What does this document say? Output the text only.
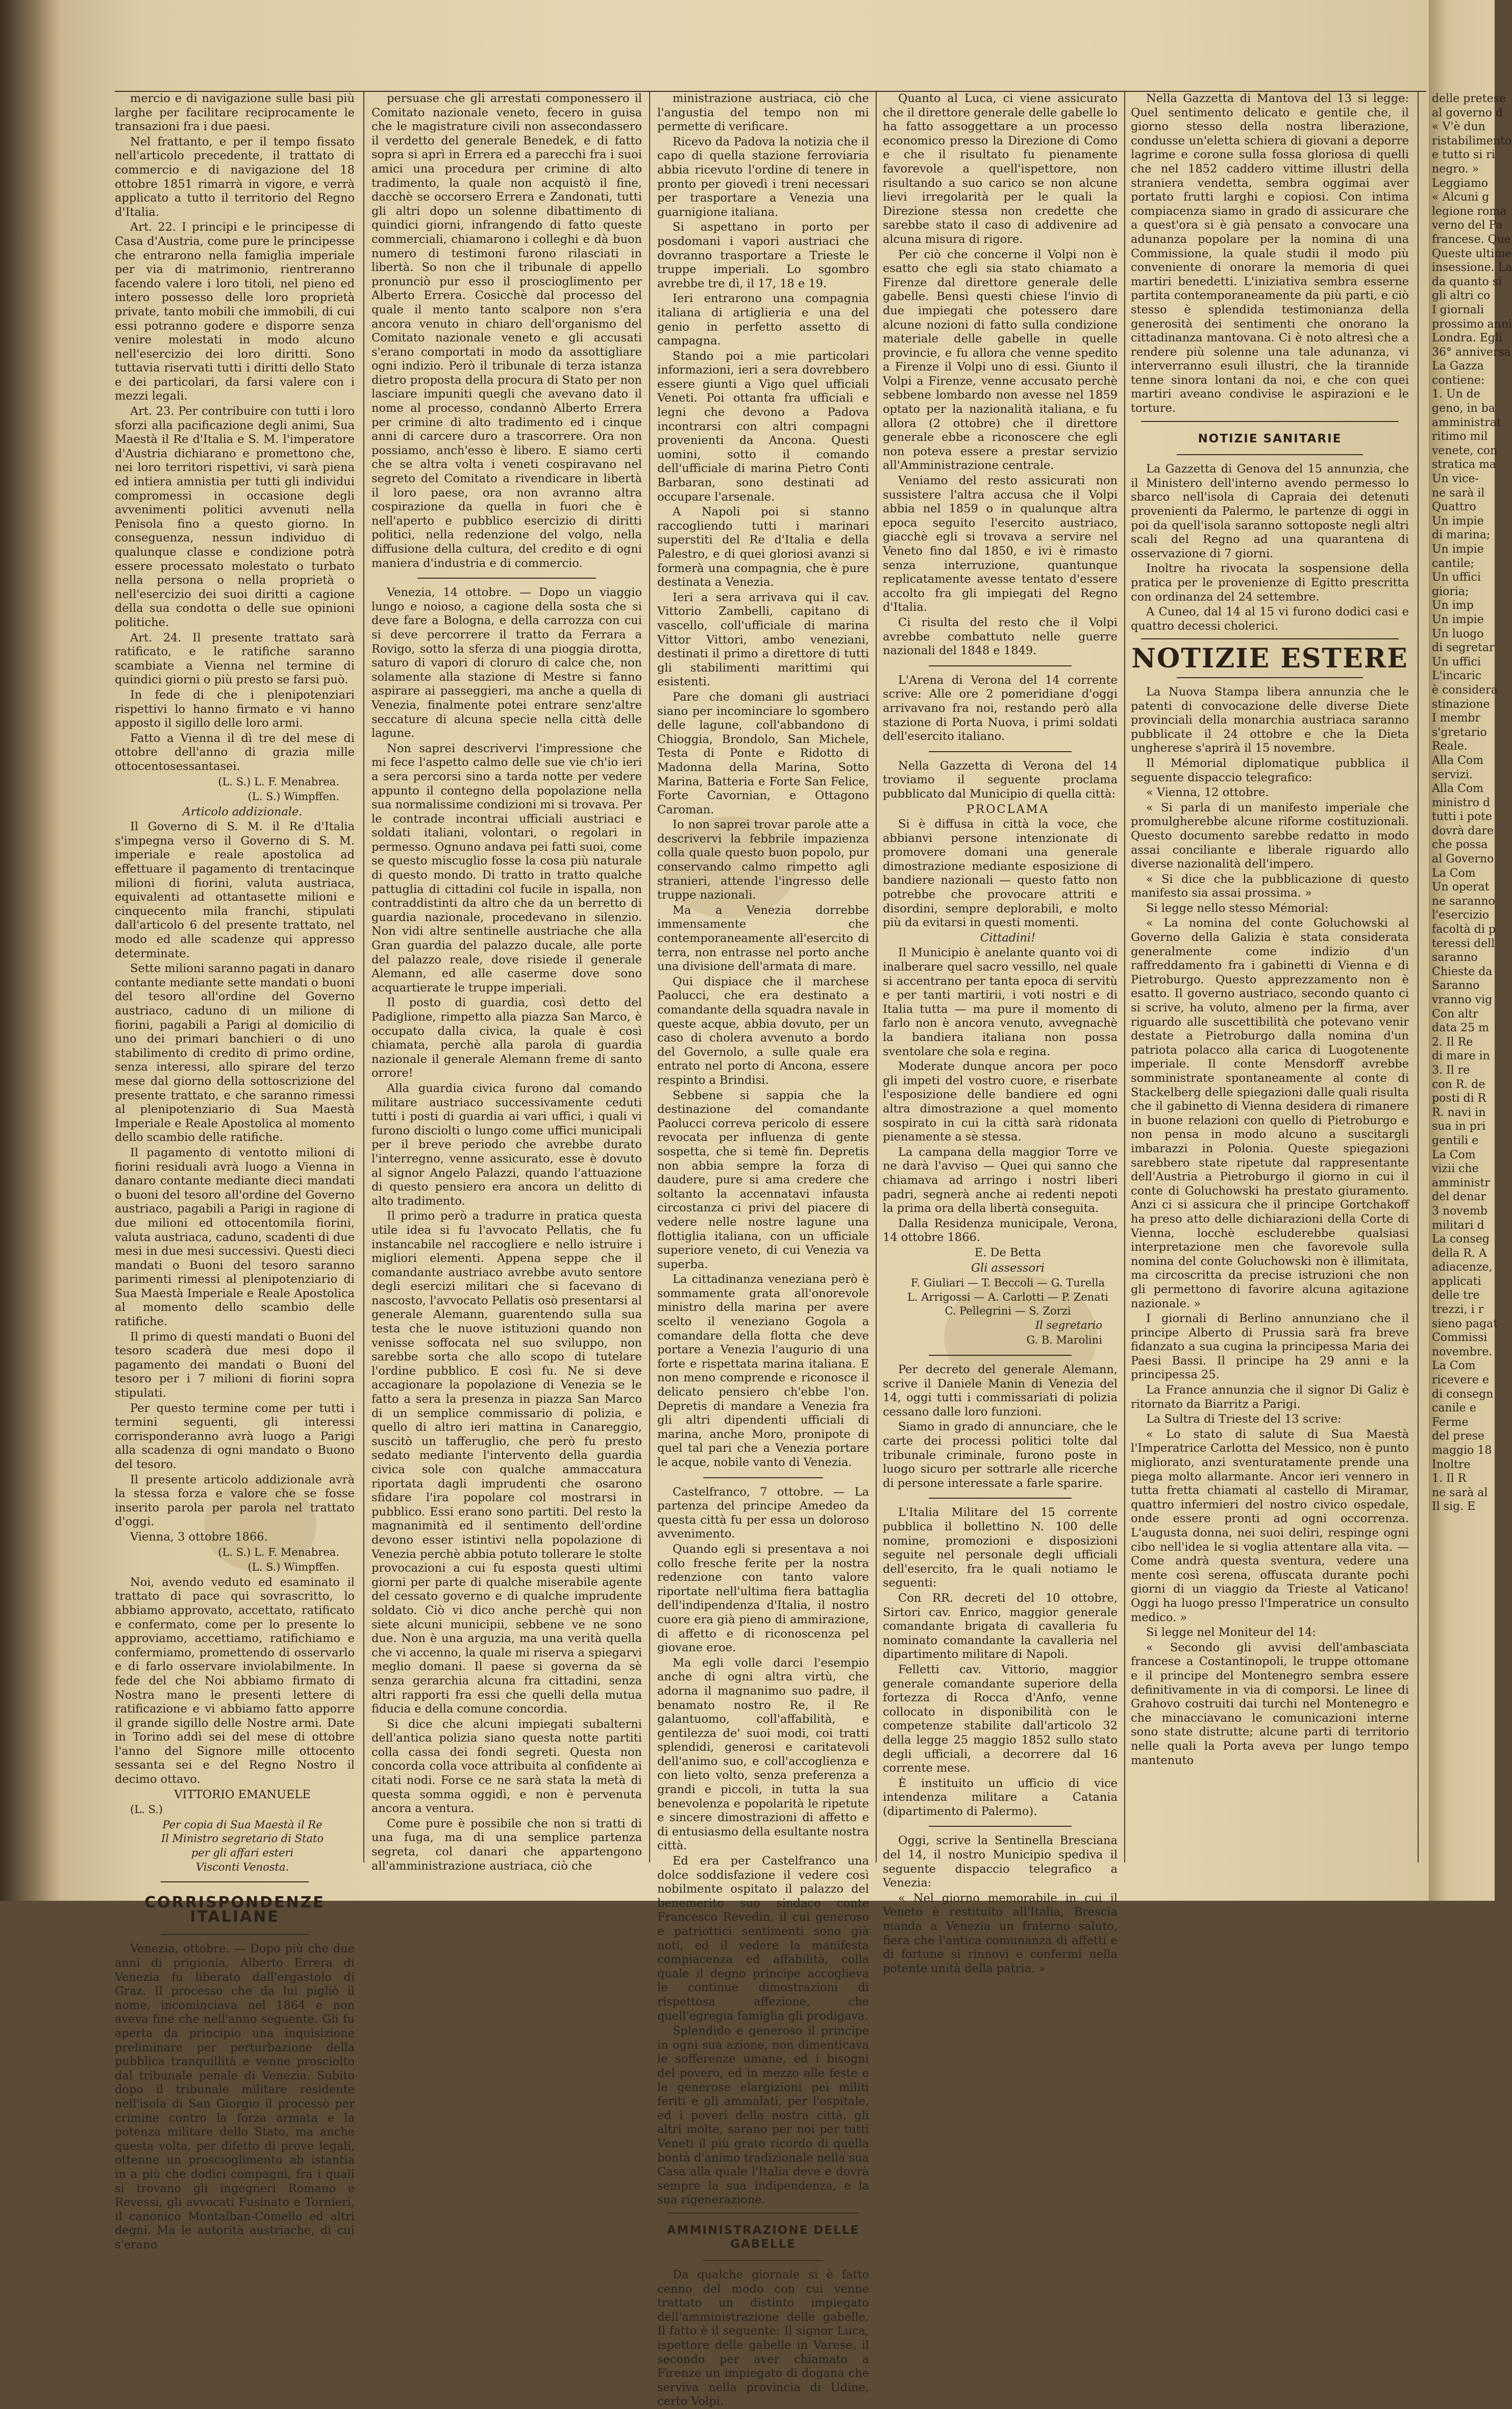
delle pretese
al governo d
« V'è dun
ristabilimento
e tutto si ri
negro. »
Leggiamo
« Alcuni g
legione roma
verno del Pa
francese. Que
Queste ultime
insessione. La
da quanto si
gli altri co
I giornali
prossimo anni
Londra. Egli
36° anniversa
La Gazza
contiene:
1. Un de
geno, in ba
amministrat
ritimo mil
venete, con
stratica ma
Un vice-
ne sarà il
Quattro
Un impie
di marina;
Un impie
cantile;
Un uffici
gioria;
Un imp
Un impie
Un luogo
di segretar
Un uffici
L'incaric
è considera
stinazione
I membr
s'gretario
Reale.
Alla Com
servizi.
Alla Com
ministro d
tutti i pote
dovrà dare
che possa
al Governo
La Com
Un operat
ne saranno
l'esercizio
facoltà di p
teressi dell
saranno
Chieste da
Saranno
vranno vig
Con altr
data 25 m
2. Il Re
di mare in
3. Il re
con R. de
posti di R
R. navi in
sua in pri
gentili e
La Com
vizii che
amministr
del denar
3 novemb
militari d
La conseg
della R. A
adiacenze,
applicati
delle tre
trezzi, i r
sieno pagat
Commissi
novembre.
La Com
ricevere e
di consegn
canile e
Ferme
del prese
maggio 18
Inoltre
1. Il R
ne sarà al
Il sig. E

mercio e di navigazione sulle basi più larghe per facilitare reciprocamente le transazioni fra i due paesi.

Nel frattanto, e per il tempo fissato nell'articolo precedente, il trattato di commercio e di navigazione del 18 ottobre 1851 rimarrà in vigore, e verrà applicato a tutto il territorio del Regno d'Italia.

Art. 22. I principi e le principesse di Casa d'Austria, come pure le principesse che entrarono nella famiglia imperiale per via di matrimonio, rientreranno facendo valere i loro titoli, nel pieno ed intero possesso delle loro proprietà private, tanto mobili che immobili, di cui essi potranno godere e disporre senza venire molestati in modo alcuno nell'esercizio dei loro diritti. Sono tuttavia riservati tutti i diritti dello Stato e dei particolari, da farsi valere con i mezzi legali.

Art. 23. Per contribuire con tutti i loro sforzi alla pacificazione degli animi, Sua Maestà il Re d'Italia e S. M. l'imperatore d'Austria dichiarano e promettono che, nei loro territori rispettivi, vi sarà piena ed intiera amnistia per tutti gli individui compromessi in occasione degli avvenimenti politici avvenuti nella Penisola fino a questo giorno. In conseguenza, nessun individuo di qualunque classe e condizione potrà essere processato molestato o turbato nella persona o nella proprietà o nell'esercizio dei suoi diritti a cagione della sua condotta o delle sue opinioni politiche.

Art. 24. Il presente trattato sarà ratificato, e le ratifiche saranno scambiate a Vienna nel termine di quindici giorni o più presto se farsi può.

In fede di che i plenipotenziari rispettivi lo hanno firmato e vi hanno apposto il sigillo delle loro armi.

Fatto a Vienna il dì tre del mese di ottobre dell'anno di grazia mille ottocentosessantasei.

(L. S.) L. F. Menabrea.

(L. S.) Wimpffen.

Articolo addizionale.

Il Governo di S. M. il Re d'Italia s'impegna verso il Governo di S. M. imperiale e reale apostolica ad effettuare il pagamento di trentacinque milioni di fiorini, valuta austriaca, equivalenti ad ottantasette milioni e cinquecento mila franchi, stipulati dall'articolo 6 del presente trattato, nel modo ed alle scadenze qui appresso determinate.

Sette milioni saranno pagati in danaro contante mediante sette mandati o buoni del tesoro all'ordine del Governo austriaco, caduno di un milione di fiorini, pagabili a Parigi al domicilio di uno dei primari banchieri o di uno stabilimento di credito di primo ordine, senza interessi, allo spirare del terzo mese dal giorno della sottoscrizione del presente trattato, e che saranno rimessi al plenipotenziario di Sua Maestà Imperiale e Reale Apostolica al momento dello scambio delle ratifiche.

Il pagamento di ventotto milioni di fiorini residuali avrà luogo a Vienna in danaro contante mediante dieci mandati o buoni del tesoro all'ordine del Governo austriaco, pagabili a Parigi in ragione di due milioni ed ottocentomila fiorini, valuta austriaca, caduno, scadenti di due mesi in due mesi successivi. Questi dieci mandati o Buoni del tesoro saranno parimenti rimessi al plenipotenziario di Sua Maestà Imperiale e Reale Apostolica al momento dello scambio delle ratifiche.

Il primo di questi mandati o Buoni del tesoro scaderà due mesi dopo il pagamento dei mandati o Buoni del tesoro per i 7 milioni di fiorini sopra stipulati.

Per questo termine come per tutti i termini seguenti, gli interessi corrisponderanno avrà luogo a Parigi alla scadenza di ogni mandato o Buono del tesoro.

Il presente articolo addizionale avrà la stessa forza e valore che se fosse inserito parola per parola nel trattato d'oggi.

Vienna, 3 ottobre 1866.

(L. S.) L. F. Menabrea.

(L. S.) Wimpffen.

Noi, avendo veduto ed esaminato il trattato di pace qui sovrascritto, lo abbiamo approvato, accettato, ratificato e confermato, come per lo presente lo approviamo, accettiamo, ratifichiamo e confermiamo, promettendo di osservarlo e di farlo osservare inviolabilmente. In fede del che Noi abbiamo firmato di Nostra mano le presenti lettere di ratificazione e vi abbiamo fatto apporre il grande sigillo delle Nostre armi. Date in Torino addì sei del mese di ottobre l'anno del Signore mille ottocento sessanta sei e del Regno Nostro il decimo ottavo.

VITTORIO EMANUELE

(L. S.)

Per copia di Sua Maestà il Re

Il Ministro segretario di Stato

per gli affari esteri

Visconti Venosta.

CORRISPONDENZE ITALIANE

Venezia, ottobre. — Dopo più che due anni di prigionia, Alberto Errera di Venezia fu liberato dall'ergastolo di Graz. Il processo che da lui pigliò il nome, incominciava nel 1864 e non aveva fine che nell'anno seguente. Gli fu aperta da principio una inquisizione preliminare per perturbazione della pubblica tranquillità e venne prosciolto dal tribunale penale di Venezia. Subito dopo il tribunale militare residente nell'isola di San Giorgio il processò per crimine contro la forza armata e la potenza militare dello Stato, ma anche questa volta, per difetto di prove legali, ottenne un proscioglimento ab istantia in a più che dodici compagni, fra i quali si trovano gli ingegneri Romano e Revessi, gli avvocati Fusinato e Tornieri, il canonico Montalban-Comello ed altri degni. Ma le autorità austriache, di cui s'erano

persuase che gli arrestati componessero il Comitato nazionale veneto, fecero in guisa che le magistrature civili non assecondassero il verdetto del generale Benedek, e di fatto sopra si aprì in Errera ed a parecchi fra i suoi amici una procedura per crimine di alto tradimento, la quale non acquistò il fine, dacchè se occorsero Errera e Zandonati, tutti gli altri dopo un solenne dibattimento di quindici giorni, infrangendo di fatto queste commerciali, chiamarono i colleghi e dà buon numero di testimoni furono rilasciati in libertà. So non che il tribunale di appello pronunciò pur esso il proscioglimento per Alberto Errera. Cosicchè dal processo del quale il mento tanto scalpore non s'era ancora venuto in chiaro dell'organismo del Comitato nazionale veneto e gli accusati s'erano comportati in modo da assottigliare ogni indizio. Però il tribunale di terza istanza dietro proposta della procura di Stato per non lasciare impuniti quegli che avevano dato il nome al processo, condannò Alberto Errera per crimine di alto tradimento ed i cinque anni di carcere duro a trascorrere. Ora non possiamo, anch'esso è libero. E siamo certi che se altra volta i veneti cospiravano nel segreto del Comitato a rivendicare in libertà il loro paese, ora non avranno altra cospirazione da quella in fuori che è nell'aperto e pubblico esercizio di diritti politici, nella redenzione del volgo, nella diffusione della cultura, del credito e di ogni maniera d'industria e di commercio.

Venezia, 14 ottobre. — Dopo un viaggio lungo e noioso, a cagione della sosta che si deve fare a Bologna, e della carrozza con cui si deve percorrere il tratto da Ferrara a Rovigo, sotto la sferza di una pioggia dirotta, saturo di vapori di cloruro di calce che, non solamente alla stazione di Mestre si fanno aspirare ai passeggieri, ma anche a quella di Venezia, finalmente potei entrare senz'altre seccature di alcuna specie nella città delle lagune.

Non saprei descrivervi l'impressione che mi fece l'aspetto calmo delle sue vie ch'io ieri a sera percorsi sino a tarda notte per vedere appunto il contegno della popolazione nella sua normalissime condizioni mi si trovava. Per le contrade incontrai ufficiali austriaci e soldati italiani, volontari, o regolari in permesso. Ognuno andava pei fatti suoi, come se questo miscuglio fosse la cosa più naturale di questo mondo. Di tratto in tratto qualche pattuglia di cittadini col fucile in ispalla, non contraddistinti da altro che da un berretto di guardia nazionale, procedevano in silenzio. Non vidi altre sentinelle austriache che alla Gran guardia del palazzo ducale, alle porte del palazzo reale, dove risiede il generale Alemann, ed alle caserme dove sono acquartierate le truppe imperiali.

Il posto di guardia, così detto del Padiglione, rimpetto alla piazza San Marco, è occupato dalla civica, la quale è così chiamata, perchè alla parola di guardia nazionale il generale Alemann freme di santo orrore!

Alla guardia civica furono dal comando militare austriaco successivamente ceduti tutti i posti di guardia ai vari uffici, i quali vi furono disciolti o lungo come uffici municipali per il breve periodo che avrebbe durato l'interregno, venne assicurato, esse è dovuto al signor Angelo Palazzi, quando l'attuazione di questo pensiero era ancora un delitto di alto tradimento.

Il primo però a tradurre in pratica questa utile idea si fu l'avvocato Pellatis, che fu instancabile nel raccogliere e nello istruire i migliori elementi. Appena seppe che il comandante austriaco avrebbe avuto sentore degli esercizi militari che si facevano di nascosto, l'avvocato Pellatis osò presentarsi al generale Alemann, guarentendo sulla sua testa che le nuove istituzioni quando non venisse soffocata nel suo sviluppo, non sarebbe sorta che allo scopo di tutelare l'ordine pubblico. E così fu. Ne si deve accagionare la popolazione di Venezia se le fatto a sera la presenza in piazza San Marco di un semplice commissario di polizia, e quello di altro ieri mattina in Canareggio, suscitò un tafferuglio, che però fu presto sedato mediante l'intervento della guardia civica sole con qualche ammaccatura riportata dagli imprudenti che osarono sfidare l'ira popolare col mostrarsi in pubblico. Essi erano sono partiti. Del resto la magnanimità ed il sentimento dell'ordine devono esser istintivi nella popolazione di Venezia perchè abbia potuto tollerare le stolte provocazioni a cui fu esposta questi ultimi giorni per parte di qualche miserabile agente del cessato governo e di qualche imprudente soldato. Ciò vi dico anche perchè qui non siete alcuni municipii, sebbene ve ne sono due. Non è una arguzia, ma una verità quella che vi accenno, la quale mi riserva a spiegarvi meglio domani. Il paese si governa da sè senza gerarchia alcuna fra cittadini, senza altri rapporti fra essi che quelli della mutua fiducia e della comune concordia.

Si dice che alcuni impiegati subalterni dell'antica polizia siano questa notte partiti colla cassa dei fondi segreti. Questa non concorda colla voce attribuita al confidente ai citati nodi. Forse ce ne sarà stata la metà di questa somma oggidì, e non è pervenuta ancora a ventura.

Come pure è possibile che non si tratti di una fuga, ma di una semplice partenza segreta, col danari che appartengono all'amministrazione austriaca, ciò che

ministrazione austriaca, ciò che l'angustia del tempo non mi permette di verificare.

Ricevo da Padova la notizia che il capo di quella stazione ferroviaria abbia ricevuto l'ordine di tenere in pronto per giovedì i treni necessari per trasportare a Venezia una guarnigione italiana.

Si aspettano in porto per posdomani i vapori austriaci che dovranno trasportare a Trieste le truppe imperiali. Lo sgombro avrebbe tre dì, il 17, 18 e 19.

Ieri entrarono una compagnia italiana di artiglieria e una del genio in perfetto assetto di campagna.

Stando poi a mie particolari informazioni, ieri a sera dovrebbero essere giunti a Vigo quel ufficiali Veneti. Poi ottanta fra ufficiali e legni che devono a Padova incontrarsi con altri compagni provenienti da Ancona. Questi uomini, sotto il comando dell'ufficiale di marina Pietro Conti Barbaran, sono destinati ad occupare l'arsenale.

A Napoli poi si stanno raccogliendo tutti i marinari superstiti del Re d'Italia e della Palestro, e di quei gloriosi avanzi si formerà una compagnia, che è pure destinata a Venezia.

Ieri a sera arrivava qui il cav. Vittorio Zambelli, capitano di vascello, coll'ufficiale di marina Vittor Vittori, ambo veneziani, destinati il primo a direttore di tutti gli stabilimenti marittimi qui esistenti.

Pare che domani gli austriaci siano per incominciare lo sgombero delle lagune, coll'abbandono di Chioggia, Brondolo, San Michele, Testa di Ponte e Ridotto di Madonna della Marina, Sotto Marina, Batteria e Forte San Felice, Forte Cavornian, e Ottagono Caroman.

Io non saprei trovar parole atte a descrivervi la febbrile impazienza colla quale questo buon popolo, pur conservando calmo rimpetto agli stranieri, attende l'ingresso delle truppe nazionali.

Ma a Venezia dorrebbe immensamente che contemporaneamente all'esercito di terra, non entrasse nel porto anche una divisione dell'armata di mare.

Qui dispiace che il marchese Paolucci, che era destinato a comandante della squadra navale in queste acque, abbia dovuto, per un caso di cholera avvenuto a bordo del Governolo, a sulle quale era entrato nel porto di Ancona, essere respinto a Brindisi.

Sebbene si sappia che la destinazione del comandante Paolucci correva pericolo di essere revocata per influenza di gente sospetta, che si temè fin. Depretis non abbia sempre la forza di daudere, pure si ama credere che soltanto la accennatavi infausta circostanza ci privi del piacere di vedere nelle nostre lagune una flottiglia italiana, con un ufficiale superiore veneto, di cui Venezia va superba.

La cittadinanza veneziana però è sommamente grata all'onorevole ministro della marina per avere scelto il veneziano Gogola a comandare della flotta che deve portare a Venezia l'augurio di una forte e rispettata marina italiana. E non meno comprende e riconosce il delicato pensiero ch'ebbe l'on. Depretis di mandare a Venezia fra gli altri dipendenti ufficiali di marina, anche Moro, pronipote di quel tal pari che a Venezia portare le acque, nobile vanto di Venezia.

Castelfranco, 7 ottobre. — La partenza del principe Amedeo da questa città fu per essa un doloroso avvenimento.

Quando egli si presentava a noi collo fresche ferite per la nostra redenzione con tanto valore riportate nell'ultima fiera battaglia dell'indipendenza d'Italia, il nostro cuore era già pieno di ammirazione, di affetto e di riconoscenza pel giovane eroe.

Ma egli volle darci l'esempio anche di ogni altra virtù, che adorna il magnanimo suo padre, il benamato nostro Re, il Re galantuomo, coll'affabilità, e gentilezza de' suoi modi, coi tratti splendidi, generosi e caritatevoli dell'animo suo, e coll'accoglienza e con lieto volto, senza preferenza a grandi e piccoli, in tutta la sua benevolenza e popolarità le ripetute e sincere dimostrazioni di affetto e di entusiasmo della esultante nostra città.

Ed era per Castelfranco una dolce soddisfazione il vedere così nobilmente ospitato il palazzo del benemerito suo sindaco conte Francesco Revedin, il cui generoso e patriottici sentimenti sono già noti, ed il vedere la manifesta compiacenza ed affabilità, colla quale il degno principe accoglieva le continue dimostrazioni di rispettosa affezione, che quell'egregia famiglia gli prodigava.

Splendido e generoso il principe in ogni sua azione, non dimenticava le sofferenze umane, ed i bisogni del povero, ed in mezzo alle feste e le generose elargizioni pei militi feriti e gli ammalati, per l'ospitale, ed i poveri della nostra città, gli altri molte, sarano per noi per tutti Veneti il più grato ricordo di quella bontà d'animo tradizionale nella sua Casa alla quale l'Italia deve e dovrà sempre la sua indipendenza, e la sua rigenerazione.

AMMINISTRAZIONE DELLE GABELLE

Da qualche giornale si è fatto cenno del modo con cui venne trattato un distinto impiegato dell'amministrazione delle gabelle. Il fatto è il seguente: Il signor Luca, ispettore delle gabelle in Varese, il secondo per aver chiamato a Firenze un impiegato di dogana che serviva nella provincia di Udine, certo Volpi.

Quanto al Luca, ci viene assicurato che il direttore generale delle gabelle lo ha fatto assoggettare a un processo economico presso la Direzione di Como e che il risultato fu pienamente favorevole a quell'ispettore, non risultando a suo carico se non alcune lievi irregolarità per le quali la Direzione stessa non credette che sarebbe stato il caso di addivenire ad alcuna misura di rigore.

Per ciò che concerne il Volpi non è esatto che egli sia stato chiamato a Firenze dal direttore generale delle gabelle. Bensì questi chiese l'invio di due impiegati che potessero dare alcune nozioni di fatto sulla condizione materiale delle gabelle in quelle provincie, e fu allora che venne spedito a Firenze il Volpi uno di essi. Giunto il Volpi a Firenze, venne accusato perchè sebbene lombardo non avesse nel 1859 optato per la nazionalità italiana, e fu allora (2 ottobre) che il direttore generale ebbe a riconoscere che egli non poteva essere a prestar servizio all'Amministrazione centrale.

Veniamo del resto assicurati non sussistere l'altra accusa che il Volpi abbia nel 1859 o in qualunque altra epoca seguito l'esercito austriaco, giacchè egli si trovava a servire nel Veneto fino dal 1850, e ivi è rimasto senza interruzione, quantunque replicatamente avesse tentato d'essere accolto fra gli impiegati del Regno d'Italia.

Ci risulta del resto che il Volpi avrebbe combattuto nelle guerre nazionali del 1848 e 1849.

L'Arena di Verona del 14 corrente scrive: Alle ore 2 pomeridiane d'oggi arrivavano fra noi, restando però alla stazione di Porta Nuova, i primi soldati dell'esercito italiano.

Nella Gazzetta di Verona del 14 troviamo il seguente proclama pubblicato dal Municipio di quella città:

PROCLAMA

Si è diffusa in città la voce, che abbianvi persone intenzionate di promovere domani una generale dimostrazione mediante esposizione di bandiere nazionali — questo fatto non potrebbe che provocare attriti e disordini, sempre deplorabili, e molto più da evitarsi in questi momenti.

Cittadini!

Il Municipio è anelante quanto voi di inalberare quel sacro vessillo, nel quale si accentrano per tanta epoca di servitù e per tanti martirii, i voti nostri e di Italia tutta — ma pure il momento di farlo non è ancora venuto, avvegnachè la bandiera italiana non possa sventolare che sola e regina.

Moderate dunque ancora per poco gli impeti del vostro cuore, e riserbate l'esposizione delle bandiere ed ogni altra dimostrazione a quel momento sospirato in cui la città sarà ridonata pienamente a sè stessa.

La campana della maggior Torre ve ne darà l'avviso — Quei qui sanno che chiamava ad arringo i nostri liberi padri, segnerà anche ai redenti nepoti la prima ora della libertà conseguita.

Dalla Residenza municipale, Verona, 14 ottobre 1866.

E. De Betta

Gli assessori

F. Giuliari — T. Beccoli — G. Turella

L. Arrigossi — A. Carlotti — P. Zenati

C. Pellegrini — S. Zorzi

Il segretario

G. B. Marolini

Per decreto del generale Alemann, scrive il Daniele Manin di Venezia del 14, oggi tutti i commissariati di polizia cessano dalle loro funzioni.

Siamo in grado di annunciare, che le carte dei processi politici tolte dal tribunale criminale, furono poste in luogo sicuro per sottrarle alle ricerche di persone interessate a farle sparire.

L'Italia Militare del 15 corrente pubblica il bollettino N. 100 delle nomine, promozioni e disposizioni seguite nel personale degli ufficiali dell'esercito, fra le quali notiamo le seguenti:

Con RR. decreti del 10 ottobre, Sirtori cav. Enrico, maggior generale comandante brigata di cavalleria fu nominato comandante la cavalleria nel dipartimento militare di Napoli.

Felletti cav. Vittorio, maggior generale comandante superiore della fortezza di Rocca d'Anfo, venne collocato in disponibilità con le competenze stabilite dall'articolo 32 della legge 25 maggio 1852 sullo stato degli ufficiali, a decorrere dal 16 corrente mese.

È instituito un ufficio di vice intendenza militare a Catania (dipartimento di Palermo).

Oggi, scrive la Sentinella Bresciana del 14, il nostro Municipio spediva il seguente dispaccio telegrafico a Venezia:

« Nel giorno memorabile in cui il Veneto è restituito all'Italia, Brescia manda a Venezia un fraterno saluto, fiera che l'antica comunanza di affetti e di fortune si rinnovi e confermi nella potente unità della patria. »

Nella Gazzetta di Mantova del 13 si legge: Quel sentimento delicato e gentile che, il giorno stesso della nostra liberazione, condusse un'eletta schiera di giovani a deporre lagrime e corone sulla fossa gloriosa di quelli che nel 1852 caddero vittime illustri della straniera vendetta, sembra oggimai aver portato frutti larghi e copiosi. Con intima compiacenza siamo in grado di assicurare che a quest'ora si è già pensato a convocare una adunanza popolare per la nomina di una Commissione, la quale studii il modo più conveniente di onorare la memoria di quei martiri benedetti. L'iniziativa sembra esserne partita contemporaneamente da più parti, e ciò stesso è splendida testimonianza della generosità dei sentimenti che onorano la cittadinanza mantovana. Ci è noto altresì che a rendere più solenne una tale adunanza, vi interverranno esuli illustri, che la tirannide tenne sinora lontani da noi, e che con quei martiri aveano condivise le aspirazioni e le torture.

NOTIZIE SANITARIE

La Gazzetta di Genova del 15 annunzia, che il Ministero dell'interno avendo permesso lo sbarco nell'isola di Capraia dei detenuti provenienti da Palermo, le partenze di oggi in poi da quell'isola saranno sottoposte negli altri scali del Regno ad una quarantena di osservazione di 7 giorni.

Inoltre ha rivocata la sospensione della pratica per le provenienze di Egitto prescritta con ordinanza del 24 settembre.

A Cuneo, dal 14 al 15 vi furono dodici casi e quattro decessi cholerici.

NOTIZIE ESTERE

La Nuova Stampa libera annunzia che le patenti di convocazione delle diverse Diete provinciali della monarchia austriaca saranno pubblicate il 24 ottobre e che la Dieta ungherese s'aprirà il 15 novembre.

Il Mémorial diplomatique pubblica il seguente dispaccio telegrafico:

« Vienna, 12 ottobre.

« Si parla di un manifesto imperiale che promulgherebbe alcune riforme costituzionali. Questo documento sarebbe redatto in modo assai conciliante e liberale riguardo allo diverse nazionalità dell'impero.

« Si dice che la pubblicazione di questo manifesto sia assai prossima. »

Si legge nello stesso Mémorial:

« La nomina del conte Goluchowski al Governo della Galizia è stata considerata generalmente come indizio d'un raffreddamento fra i gabinetti di Vienna e di Pietroburgo. Questo apprezzamento non è esatto. Il governo austriaco, secondo quanto ci si scrive, ha voluto, almeno per la firma, aver riguardo alle suscettibilità che potevano venir destate a Pietroburgo dalla nomina d'un patriota polacco alla carica di Luogotenente imperiale. Il conte Mensdorff avrebbe somministrate spontaneamente al conte di Stackelberg delle spiegazioni dalle quali risulta che il gabinetto di Vienna desidera di rimanere in buone relazioni con quello di Pietroburgo e non pensa in modo alcuno a suscitargli imbarazzi in Polonia. Queste spiegazioni sarebbero state ripetute dal rappresentante dell'Austria a Pietroburgo il giorno in cui il conte di Goluchowski ha prestato giuramento. Anzi ci si assicura che il principe Gortchakoff ha preso atto delle dichiarazioni della Corte di Vienna, locchè escluderebbe qualsiasi interpretazione men che favorevole sulla nomina del conte Goluchowski non è illimitata, ma circoscritta da precise istruzioni che non gli permettono di favorire alcuna agitazione nazionale. »

I giornali di Berlino annunziano che il principe Alberto di Prussia sarà fra breve fidanzato a sua cugina la principessa Maria dei Paesi Bassi. Il principe ha 29 anni e la principessa 25.

La France annunzia che il signor Di Galiz è ritornato da Biarritz a Parigi.

La Sultra di Trieste del 13 scrive:

« Lo stato di salute di Sua Maestà l'Imperatrice Carlotta del Messico, non è punto migliorato, anzi sventuratamente prende una piega molto allarmante. Ancor ieri vennero in tutta fretta chiamati al castello di Miramar, quattro infermieri del nostro civico ospedale, onde essere pronti ad ogni occorrenza. L'augusta donna, nei suoi deliri, respinge ogni cibo nell'idea le si voglia attentare alla vita. — Come andrà questa sventura, vedere una mente così serena, offuscata durante pochi giorni di un viaggio da Trieste al Vaticano! Oggi ha luogo presso l'Imperatrice un consulto medico. »

Si legge nel Moniteur del 14:

« Secondo gli avvisi dell'ambasciata francese a Costantinopoli, le truppe ottomane e il principe del Montenegro sembra essere definitivamente in via di comporsi. Le linee di Grahovo costruiti dai turchi nel Montenegro e che minacciavano le comunicazioni interne sono state distrutte; alcune parti di territorio nelle quali la Porta aveva per lungo tempo mantenuto
